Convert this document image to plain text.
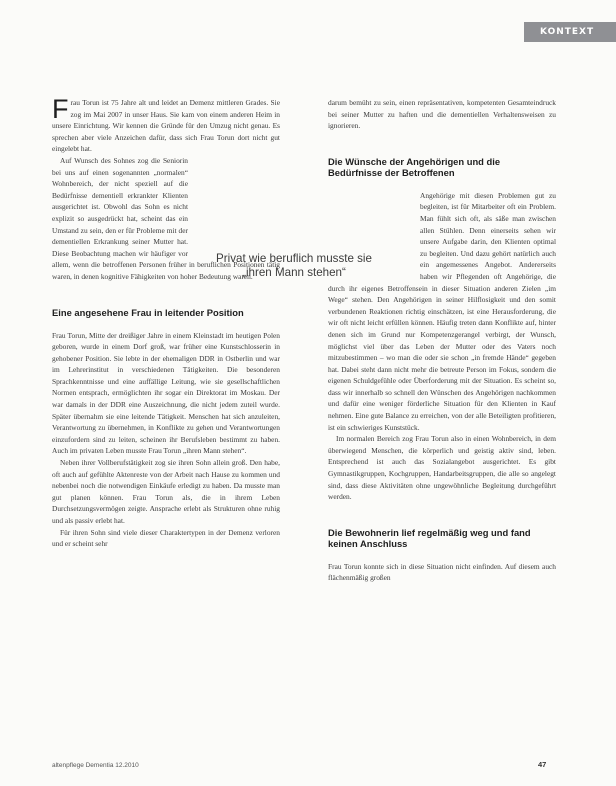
KONTEXT

Frau Torun ist 75 Jahre alt und leidet an Demenz mittleren Grades. Sie zog im Mai 2007 in unser Haus. Sie kam von einem anderen Heim in unsere Einrichtung. Wir kennen die Gründe für den Umzug nicht genau. Es sprechen aber viele Anzeichen dafür, dass sich Frau Torun dort nicht gut eingelebt hat.

Auf Wunsch des Sohnes zog die Seniorin bei uns auf einen sogenannten „normalen“ Wohnbereich, der nicht speziell auf die Bedürfnisse dementiell erkrankter Klienten ausgerichtet ist. Obwohl das Sohn es nicht explizit so ausgedrückt hat, scheint das ein Umstand zu sein, den er für Probleme mit der dementiellen Erkrankung seiner Mutter hat. Diese Beobachtung machen wir häufiger vor allem, wenn die betroffenen Personen früher in beruflichen Positionen tätig waren, in denen kognitive Fähigkeiten von hoher Bedeutung waren.

Eine angesehene Frau in leitender Position

Frau Torun, Mitte der dreißiger Jahre in einem Kleinstadt im heutigen Polen geboren, wurde in einem Dorf groß, war früher eine Kunstschlosserin in gehobener Position. Sie lebte in der ehemaligen DDR in Ostberlin und war im Lehrerinstitut in verschiedenen Tätigkeiten. Die besonderen Sprachkenntnisse und eine auffällige Leitung, wie sie gesellschaftlichen Normen entsprach, ermöglichten ihr sogar ein Direktorat im Moskau. Der war damals in der DDR eine Auszeichnung, die nicht jedem zuteil wurde. Später übernahm sie eine leitende Tätigkeit. Menschen hat sich anzuleiten, Verantwortung zu übernehmen, in Konflikte zu gehen und Verantwortungen einzufordern sind zu leiten, scheinen ihr Berufsleben bestimmt zu haben. Auch im privaten Leben musste Frau Torun „ihren Mann stehen“.

Neben ihrer Vollberufstätigkeit zog sie ihren Sohn allein groß. Den habe, oft auch auf gefühlte Aktenreste von der Arbeit nach Hause zu kommen und nebenbei noch die notwendigen Einkäufe erledigt zu haben. Da musste man gut planen können. Frau Torun als, die in ihrem Leben Durchsetzungsvermögen zeigte. Ansprache erlebt als Strukturen ohne ruhig und als passiv erlebt hat.

Für ihren Sohn sind viele dieser Charaktertypen in der Demenz verloren und er scheint sehr

darum bemüht zu sein, einen repräsentativen, kompetenten Gesamteindruck bei seiner Mutter zu haften und die dementiellen Verhaltensweisen zu ignorieren.

Die Wünsche der Angehörigen und die Bedürfnisse der Betroffenen

Angehörige mit diesen Problemen gut zu begleiten, ist für Mitarbeiter oft ein Problem. Man fühlt sich oft, als säße man zwischen allen Stühlen. Denn einerseits sehen wir unsere Aufgabe darin, den Klienten optimal zu begleiten. Und dazu gehört natürlich auch ein angemessenes Angebot. Andererseits haben wir Pflegenden oft Angehörige, die durch ihr eigenes Betroffensein in dieser Situation anderen Zielen „im Wege“ stehen. Den Angehörigen in seiner Hilflosigkeit und den somit verbundenen Reaktionen richtig einschätzen, ist eine Herausforderung, die wir oft nicht leicht erfüllen können. Häufig treten dann Konflikte auf, hinter denen sich im Grund nur Kompetenzgerangel verbirgt, der Wunsch, möglichst viel über das Leben der Mutter oder des Vaters noch mitzubestimmen – wo man die oder sie schon „in fremde Hände“ gegeben hat. Dabei steht dann nicht mehr die betreute Person im Fokus, sondern die eigenen Schuldgefühle oder Überforderung mit der Situation. Es scheint so, dass wir innerhalb so schnell den Wünschen des Angehörigen nachkommen und dafür eine weniger förderliche Situation für den Klienten in Kauf nehmen. Eine gute Balance zu erreichen, von der alle Beteiligten profitieren, ist ein schwieriges Kunststück.

Im normalen Bereich zog Frau Torun also in einen Wohnbereich, in dem überwiegend Menschen, die körperlich und geistig aktiv sind, leben. Entsprechend ist auch das Sozialangebot ausgerichtet. Es gibt Gymnastikgruppen, Kochgruppen, Handarbeitsgruppen, die alle so angelegt sind, dass diese Aktivitäten ohne ungewöhnliche Begleitung durchgeführt werden.

Die Bewohnerin lief regelmäßig weg und fand keinen Anschluss

Frau Torun konnte sich in diese Situation nicht einfinden. Auf diesem auch flächenmäßig großen

Privat wie beruflich musste sie „ihren Mann stehen“
altenpflege Dementia 12.2010	47
